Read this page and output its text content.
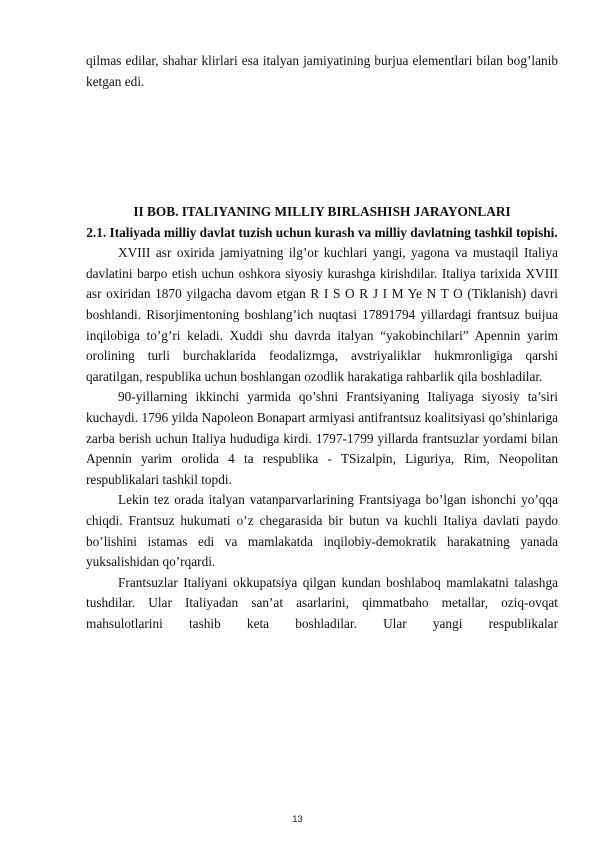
qilmas edilar, shahar klirlari esa italyan jamiyatining burjua elementlari bilan bog’lanib ketgan edi.

II BOB. ITALIYANING MILLIY BIRLASHISH JARAYONLARI
2.1. Italiyada milliy davlat tuzish uchun kurash va milliy davlatning tashkil topishi.

XVIII asr oxirida jamiyatning ilg’or kuchlari yangi, yagona va mustaqil Italiya davlatini barpo etish uchun oshkora siyosiy kurashga kirishdilar. Italiya tarixida XVIII asr oxiridan 1870 yilgacha davom etgan R I S O R J I M Ye N T O (Tiklanish) davri boshlandi. Risorjimentoning boshlang’ich nuqtasi 17891794 yillardagi frantsuz buijua inqilobiga to’g’ri keladi. Xuddi shu davrda italyan “yakobinchilari” Apennin yarim orolining turli burchaklarida feodalizmga, avstriyaliklar hukmronligiga qarshi qaratilgan, respublika uchun boshlangan ozodlik harakatiga rahbarlik qila boshladilar.

90-yillarning ikkinchi yarmida qo’shni Frantsiyaning Italiyaga siyosiy ta’siri kuchaydi. 1796 yilda Napoleon Bonapart armiyasi antifrantsuz koalitsiyasi qo’shinlariga zarba berish uchun Italiya hududiga kirdi. 1797-1799 yillarda frantsuzlar yordami bilan Apennin yarim orolida 4 ta respublika - TSizalpin, Liguriya, Rim, Neopolitan respublikalari tashkil topdi.

Lekin tez orada italyan vatanparvarlarining Frantsiyaga bo’lgan ishonchi yo’qqa chiqdi. Frantsuz hukumati o’z chegarasida bir butun va kuchli Italiya davlati paydo bo’lishini istamas edi va mamlakatda inqilobiy-demokratik harakatning yanada yuksalishidan qo’rqardi.

Frantsuzlar Italiyani okkupatsiya qilgan kundan boshlaboq mamlakatni talashga tushdilar. Ular Italiyadan san’at asarlarini, qimmatbaho metallar, oziq-ovqat mahsulotlarini tashib keta boshladilar. Ular yangi respublikalar

13
